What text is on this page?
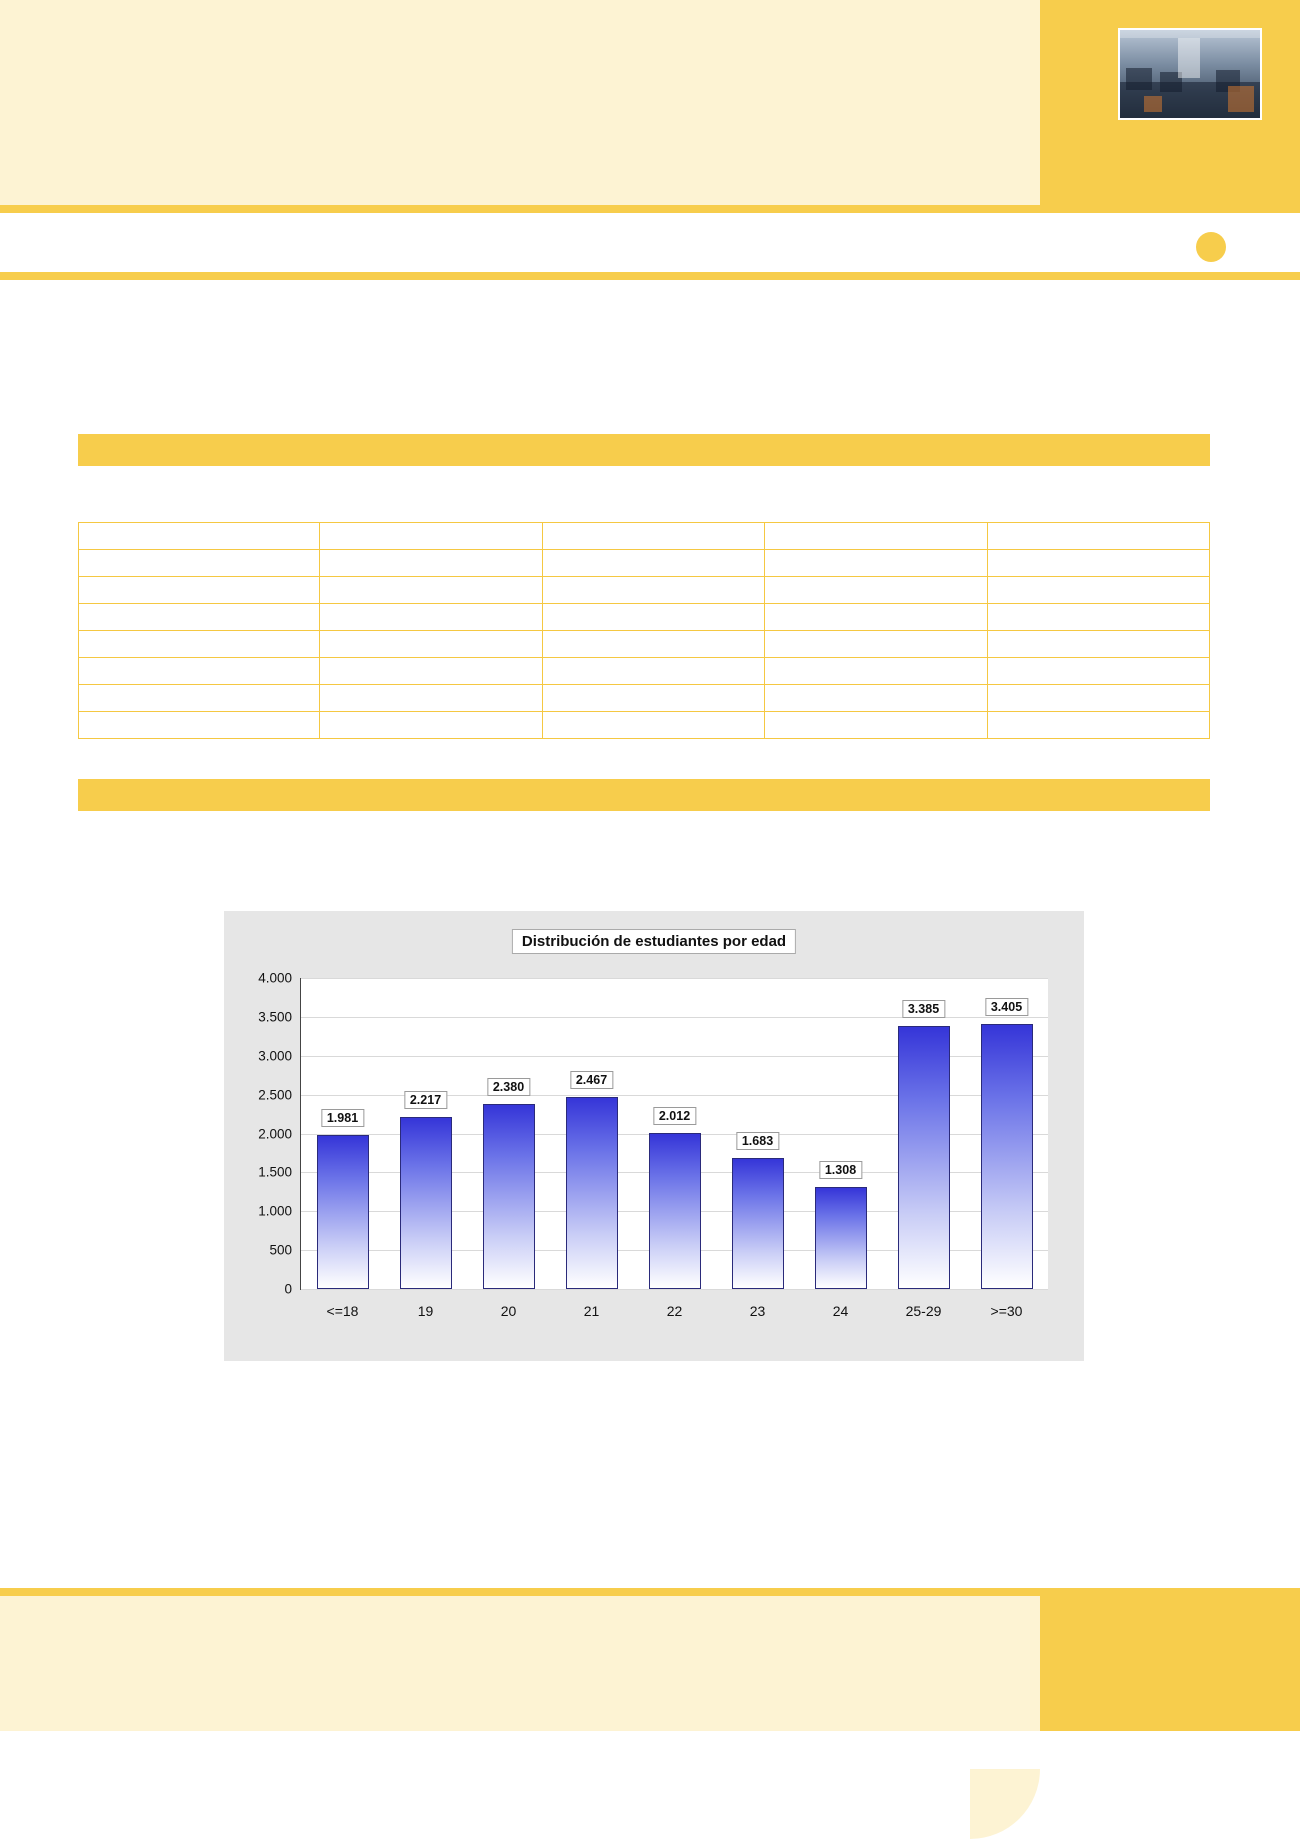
Distribución de estudiantes por edad
0
500
1.000
1.500
2.000
2.500
3.000
3.500
4.000
1.981
<=18
2.217
19
2.380
20
2.467
21
2.012
22
1.683
23
1.308
24
3.385
25-29
3.405
>=30
